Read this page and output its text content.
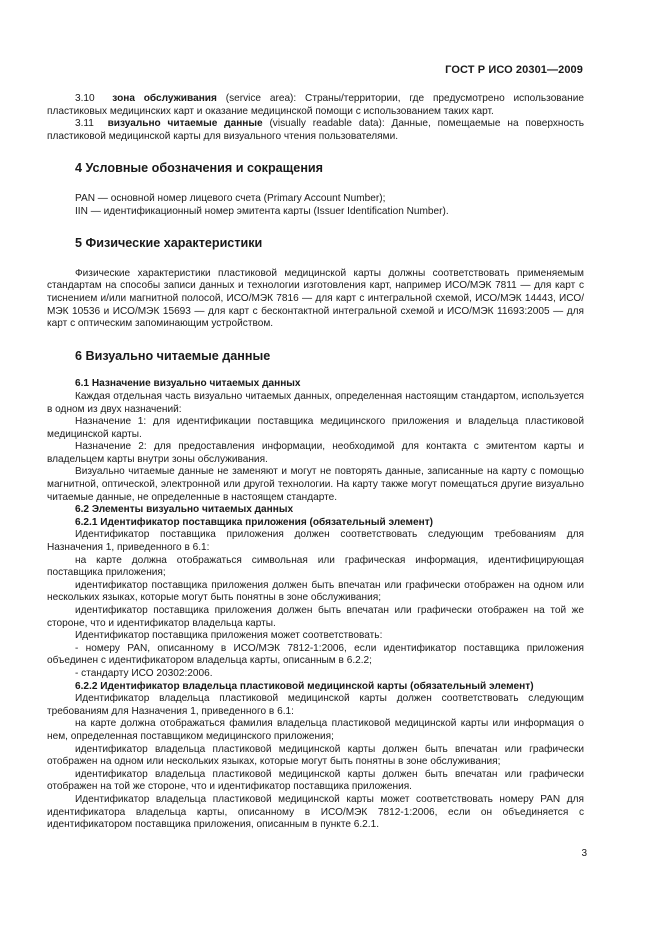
ГОСТ Р ИСО 20301—2009

3.10 зона обслуживания (service area): Страны/территории, где предусмотрено использование пластиковых медицинских карт и оказание медицинской помощи с использованием таких карт.

3.11 визуально читаемые данные (visually readable data): Данные, помещаемые на поверхность пластиковой медицинской карты для визуального чтения пользователями.

4 Условные обозначения и сокращения

PAN — основной номер лицевого счета (Primary Account Number);

IIN — идентификационный номер эмитента карты (Issuer Identification Number).

5 Физические характеристики

Физические характеристики пластиковой медицинской карты должны соответствовать применяемым стандартам на способы записи данных и технологии изготовления карт, например ИСО/МЭК 7811 — для карт с тиснением и/или магнитной полосой, ИСО/МЭК 7816 — для карт с интегральной схемой, ИСО/МЭК 14443, ИСО/МЭК 10536 и ИСО/МЭК 15693 — для карт с бесконтактной интегральной схемой и ИСО/МЭК 11693:2005 — для карт с оптическим запоминающим устройством.

6 Визуально читаемые данные
6.1 Назначение визуально читаемых данных

Каждая отдельная часть визуально читаемых данных, определенная настоящим стандартом, используется в одном из двух назначений:

Назначение 1: для идентификации поставщика медицинского приложения и владельца пластиковой медицинской карты.

Назначение 2: для предоставления информации, необходимой для контакта с эмитентом карты и владельцем карты внутри зоны обслуживания.

Визуально читаемые данные не заменяют и могут не повторять данные, записанные на карту с помощью магнитной, оптической, электронной или другой технологии. На карту также могут помещаться другие визуально читаемые данные, не определенные в настоящем стандарте.

6.2 Элементы визуально читаемых данных
6.2.1 Идентификатор поставщика приложения (обязательный элемент)

Идентификатор поставщика приложения должен соответствовать следующим требованиям для Назначения 1, приведенного в 6.1:

на карте должна отображаться символьная или графическая информация, идентифицирующая поставщика приложения;

идентификатор поставщика приложения должен быть впечатан или графически отображен на одном или нескольких языках, которые могут быть понятны в зоне обслуживания;

идентификатор поставщика приложения должен быть впечатан или графически отображен на той же стороне, что и идентификатор владельца карты.

Идентификатор поставщика приложения может соответствовать:

- номеру PAN, описанному в ИСО/МЭК 7812-1:2006, если идентификатор поставщика приложения объединен с идентификатором владельца карты, описанным в 6.2.2;

- стандарту ИСО 20302:2006.

6.2.2 Идентификатор владельца пластиковой медицинской карты (обязательный элемент)

Идентификатор владельца пластиковой медицинской карты должен соответствовать следующим требованиям для Назначения 1, приведенного в 6.1:

на карте должна отображаться фамилия владельца пластиковой медицинской карты или информация о нем, определенная поставщиком медицинского приложения;

идентификатор владельца пластиковой медицинской карты должен быть впечатан или графически отображен на одном или нескольких языках, которые могут быть понятны в зоне обслуживания;

идентификатор владельца пластиковой медицинской карты должен быть впечатан или графически отображен на той же стороне, что и идентификатор поставщика приложения.

Идентификатор владельца пластиковой медицинской карты может соответствовать номеру PAN для идентификатора владельца карты, описанному в ИСО/МЭК 7812-1:2006, если он объединяется с идентификатором поставщика приложения, описанным в пункте 6.2.1.

3
